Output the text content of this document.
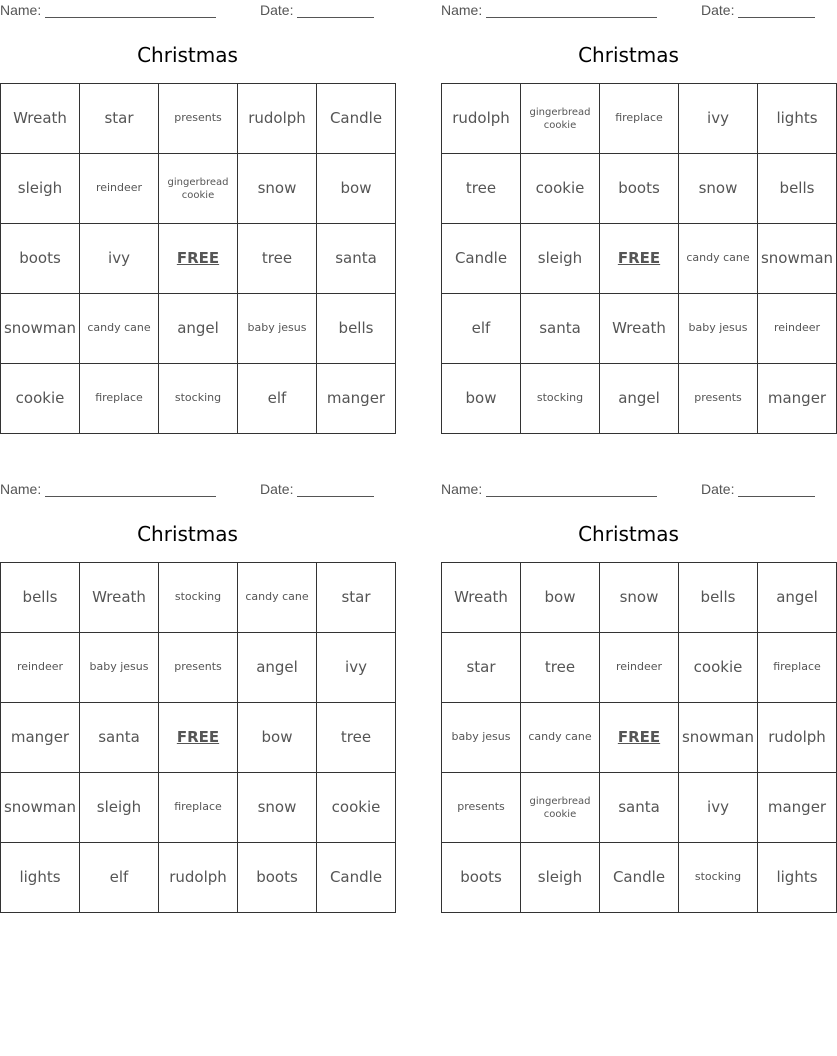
Name:	Date:
Christmas
Wreath	star	presents	rudolph	Candle
sleigh	reindeer	gingerbread cookie	snow	bow
boots	ivy	FREE	tree	santa
snowman	candy cane	angel	baby jesus	bells
cookie	fireplace	stocking	elf	manger
Name:	Date:
Christmas
rudolph	gingerbread cookie	fireplace	ivy	lights
tree	cookie	boots	snow	bells
Candle	sleigh	FREE	candy cane	snowman
elf	santa	Wreath	baby jesus	reindeer
bow	stocking	angel	presents	manger
Name:	Date:
Christmas
bells	Wreath	stocking	candy cane	star
reindeer	baby jesus	presents	angel	ivy
manger	santa	FREE	bow	tree
snowman	sleigh	fireplace	snow	cookie
lights	elf	rudolph	boots	Candle
Name:	Date:
Christmas
Wreath	bow	snow	bells	angel
star	tree	reindeer	cookie	fireplace
baby jesus	candy cane	FREE	snowman	rudolph
presents	gingerbread cookie	santa	ivy	manger
boots	sleigh	Candle	stocking	lights
